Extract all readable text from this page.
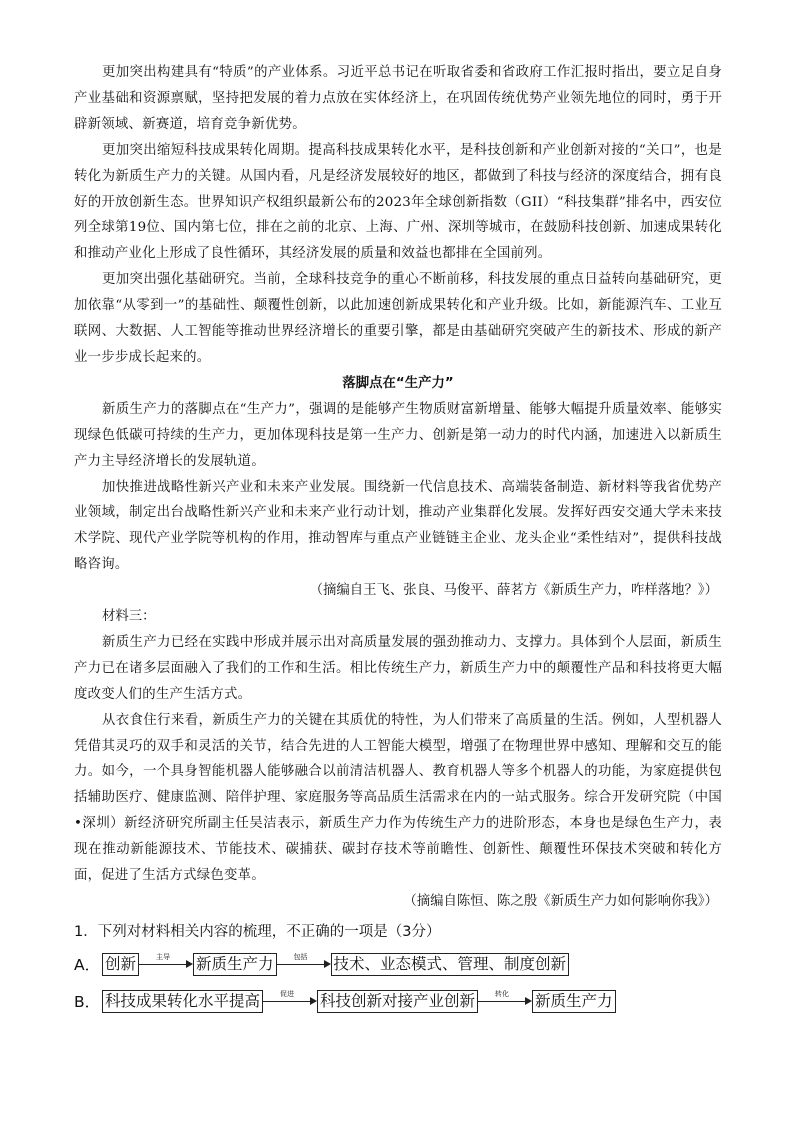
更加突出构建具有“特质”的产业体系。习近平总书记在听取省委和省政府工作汇报时指出，要立足自身产业基础和资源禀赋，坚持把发展的着力点放在实体经济上，在巩固传统优势产业领先地位的同时，勇于开辟新领域、新赛道，培育竞争新优势。

更加突出缩短科技成果转化周期。提高科技成果转化水平，是科技创新和产业创新对接的“关口”，也是转化为新质生产力的关键。从国内看，凡是经济发展较好的地区，都做到了科技与经济的深度结合，拥有良好的开放创新生态。世界知识产权组织最新公布的2023年全球创新指数（GII）“科技集群”排名中，西安位列全球第19位、国内第七位，排在之前的北京、上海、广州、深圳等城市，在鼓励科技创新、加速成果转化和推动产业化上形成了良性循环，其经济发展的质量和效益也都排在全国前列。

更加突出强化基础研究。当前，全球科技竞争的重心不断前移，科技发展的重点日益转向基础研究，更加依靠“从零到一”的基础性、颠覆性创新，以此加速创新成果转化和产业升级。比如，新能源汽车、工业互联网、大数据、人工智能等推动世界经济增长的重要引擎，都是由基础研究突破产生的新技术、形成的新产业一步步成长起来的。

落脚点在“生产力”

新质生产力的落脚点在“生产力”，强调的是能够产生物质财富新增量、能够大幅提升质量效率、能够实现绿色低碳可持续的生产力，更加体现科技是第一生产力、创新是第一动力的时代内涵，加速进入以新质生产力主导经济增长的发展轨道。

加快推进战略性新兴产业和未来产业发展。围绕新一代信息技术、高端装备制造、新材料等我省优势产业领域，制定出台战略性新兴产业和未来产业行动计划，推动产业集群化发展。发挥好西安交通大学未来技术学院、现代产业学院等机构的作用，推动智库与重点产业链链主企业、龙头企业“柔性结对”，提供科技战略咨询。

（摘编自王飞、张良、马俊平、薛茗方《新质生产力，咋样落地？》）

材料三：

新质生产力已经在实践中形成并展示出对高质量发展的强劲推动力、支撑力。具体到个人层面，新质生产力已在诸多层面融入了我们的工作和生活。相比传统生产力，新质生产力中的颠覆性产品和科技将更大幅度改变人们的生产生活方式。

从衣食住行来看，新质生产力的关键在其质优的特性，为人们带来了高质量的生活。例如，人型机器人凭借其灵巧的双手和灵活的关节，结合先进的人工智能大模型，增强了在物理世界中感知、理解和交互的能力。如今，一个具身智能机器人能够融合以前清洁机器人、教育机器人等多个机器人的功能，为家庭提供包括辅助医疗、健康监测、陪伴护理、家庭服务等高品质生活需求在内的一站式服务。综合开发研究院（中国•深圳）新经济研究所副主任吴洁表示，新质生产力作为传统生产力的进阶形态，本身也是绿色生产力，表现在推动新能源技术、节能技术、碳捕获、碳封存技术等前瞻性、创新性、颠覆性环保技术突破和转化方面，促进了生活方式绿色变革。

（摘编自陈恒、陈之殷《新质生产力如何影响你我》）

1．下列对材料相关内容的梳理，不正确的一项是（3分）
A． 创新	主导	新质生产力	包括	技术、业态模式、管理、制度创新
B． 科技成果转化水平提高	促进	科技创新对接产业创新	转化	新质生产力
